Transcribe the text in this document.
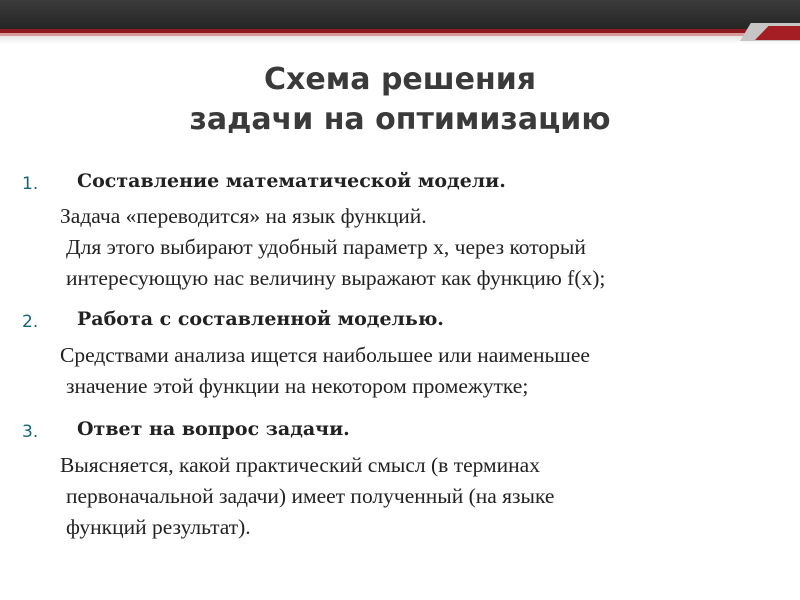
Схема решения
задачи на оптимизацию
1. Составление математической модели.
Задача «переводится» на язык функций.
Для этого выбирают удобный параметр х, через который
интересующую нас величину выражают как функцию f(x);
2. Работа с составленной моделью.
Средствами анализа ищется наибольшее или наименьшее
значение этой функции на некотором промежутке;
3. Ответ на вопрос задачи.
Выясняется, какой практический смысл (в терминах
первоначальной задачи) имеет полученный (на языке
функций результат).
